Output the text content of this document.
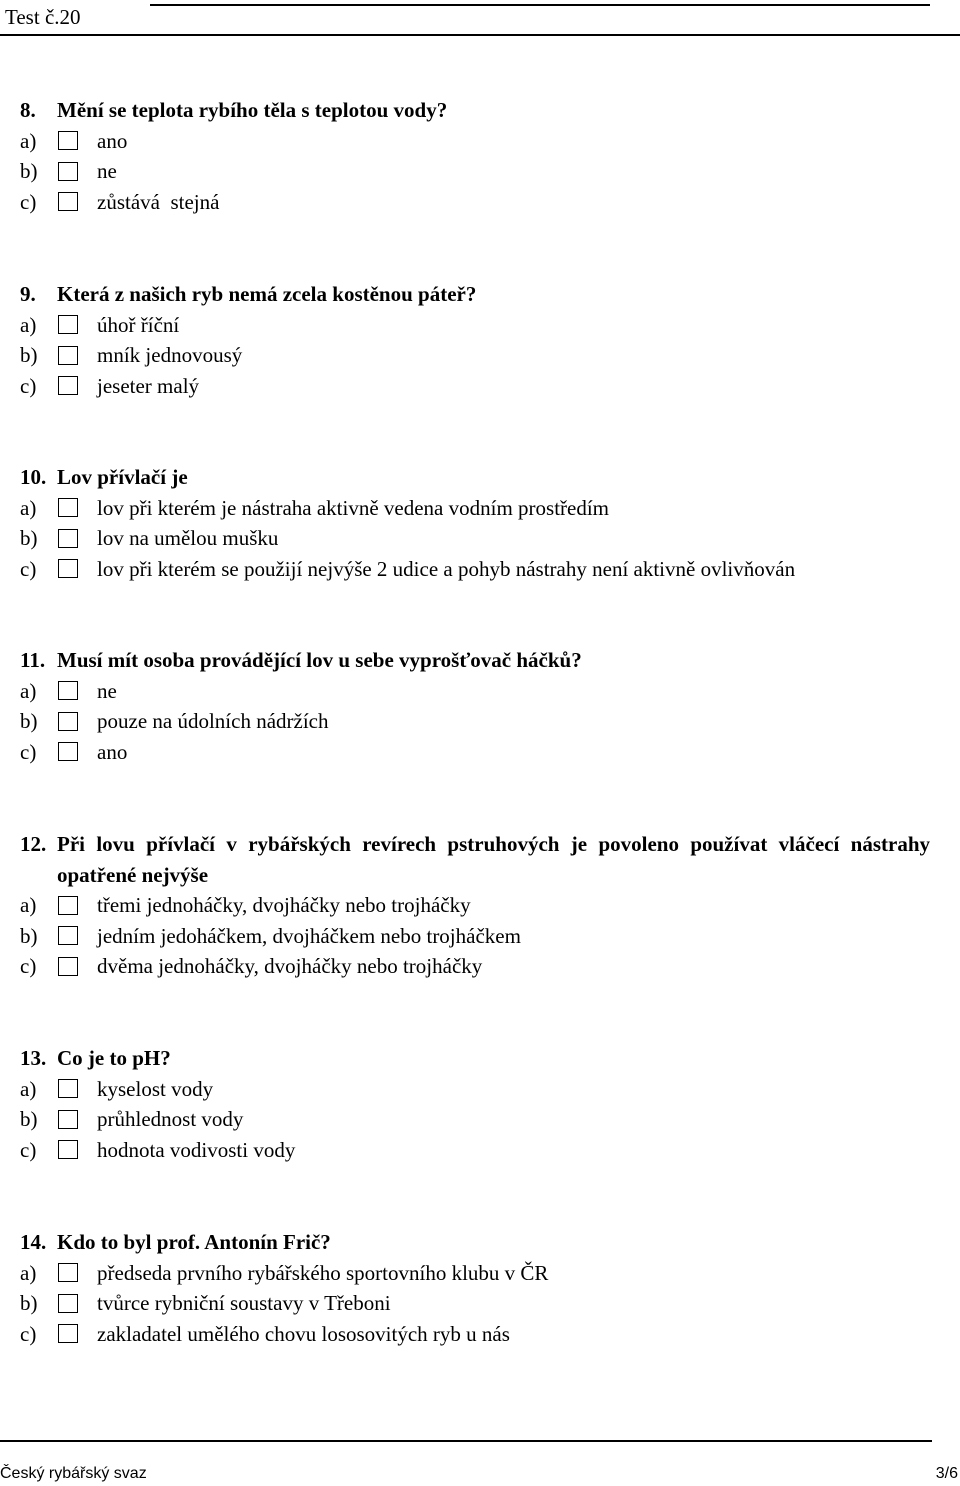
Test č.20
8.	Mění se teplota rybího těla s teplotou vody?
a)	ano
b)	ne
c)	zůstává  stejná
9.	Která z našich ryb nemá zcela kostěnou páteř?
a)	úhoř říční
b)	mník jednovousý
c)	jeseter malý
10. Lov přívlačí je
a)	lov při kterém je nástraha aktivně vedena vodním prostředím
b)	lov na umělou mušku
c)	lov při kterém se použijí nejvýše 2 udice a pohyb nástrahy není aktivně ovlivňován
11. Musí mít osoba provádějící lov u sebe vyprošťovač háčků?
a)	ne
b)	pouze na údolních nádržích
c)	ano
12. Při lovu přívlačí v rybářských revírech pstruhových je povoleno používat vláčecí nástrahy opatřené nejvýše
a)	třemi jednoháčky, dvojháčky nebo trojháčky
b)	jedním jedoháčkem, dvojháčkem nebo trojháčkem
c)	dvěma jednoháčky, dvojháčky nebo trojháčky
13. Co je to pH?
a)	kyselost vody
b)	průhlednost vody
c)	hodnota vodivosti vody
14. Kdo to byl prof. Antonín Frič?
a)	předseda prvního rybářského sportovního klubu v ČR
b)	tvůrce rybniční soustavy v Třeboni
c)	zakladatel umělého chovu lososovitých ryb u nás
Český rybářský svaz	3/6
